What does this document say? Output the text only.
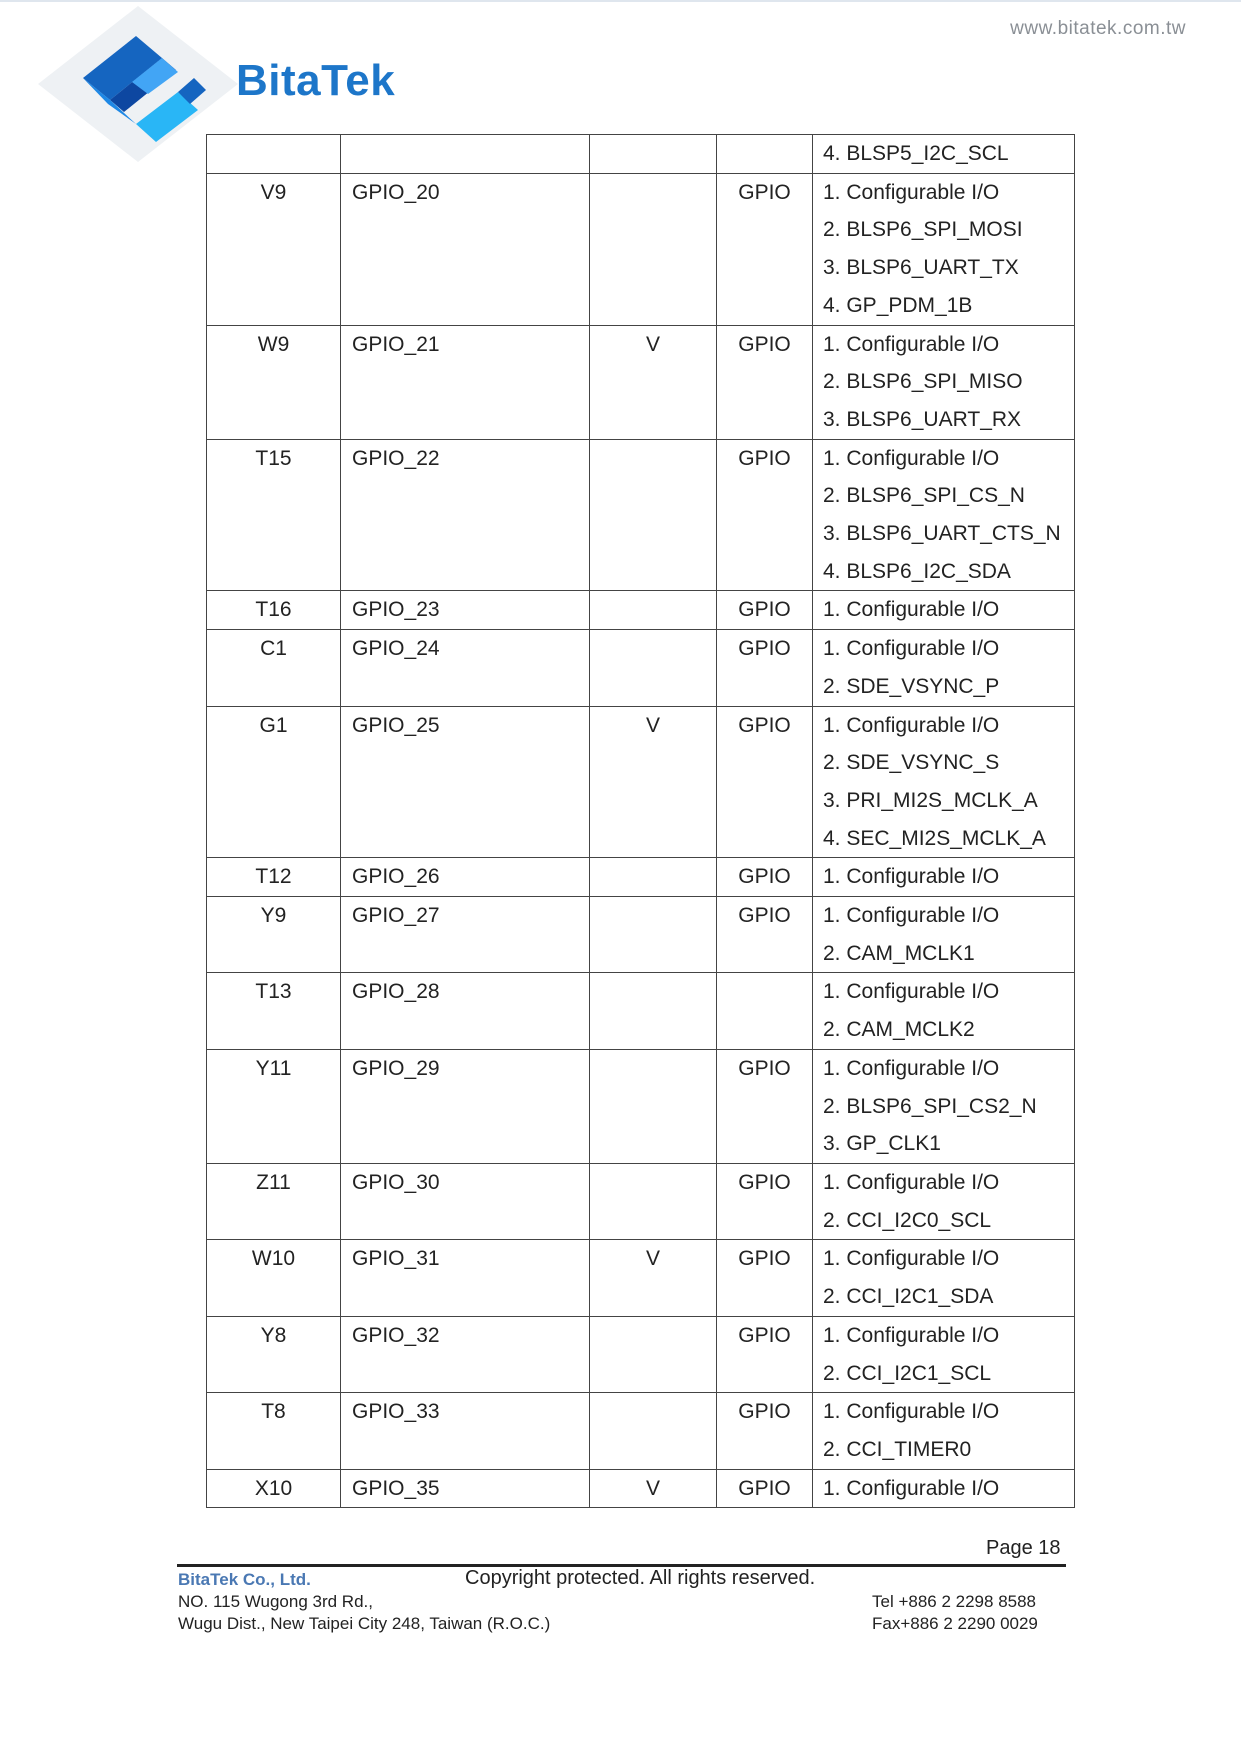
BitaTek
www.bitatek.com.tw

				4. BLSP5_I2C_SCL

V9	GPIO_20		GPIO	1. Configurable I/O
2. BLSP6_SPI_MOSI
3. BLSP6_UART_TX
4. GP_PDM_1B

W9	GPIO_21	V	GPIO	1. Configurable I/O
2. BLSP6_SPI_MISO
3. BLSP6_UART_RX

T15	GPIO_22		GPIO	1. Configurable I/O
2. BLSP6_SPI_CS_N
3. BLSP6_UART_CTS_N
4. BLSP6_I2C_SDA

T16	GPIO_23		GPIO	1. Configurable I/O

C1	GPIO_24		GPIO	1. Configurable I/O
2. SDE_VSYNC_P

G1	GPIO_25	V	GPIO	1. Configurable I/O
2. SDE_VSYNC_S
3. PRI_MI2S_MCLK_A
4. SEC_MI2S_MCLK_A

T12	GPIO_26		GPIO	1. Configurable I/O

Y9	GPIO_27		GPIO	1. Configurable I/O
2. CAM_MCLK1

T13	GPIO_28			1. Configurable I/O
2. CAM_MCLK2

Y11	GPIO_29		GPIO	1. Configurable I/O
2. BLSP6_SPI_CS2_N
3. GP_CLK1

Z11	GPIO_30		GPIO	1. Configurable I/O
2. CCI_I2C0_SCL

W10	GPIO_31	V	GPIO	1. Configurable I/O
2. CCI_I2C1_SDA

Y8	GPIO_32		GPIO	1. Configurable I/O
2. CCI_I2C1_SCL

T8	GPIO_33		GPIO	1. Configurable I/O
2. CCI_TIMER0

X10	GPIO_35	V	GPIO	1. Configurable I/O
Page 18
BitaTek Co., Ltd.	Copyright protected. All rights reserved.
NO. 115 Wugong 3rd Rd.,
Wugu Dist., New Taipei City 248, Taiwan (R.O.C.)
Tel +886 2 2298 8588
Fax+886 2 2290 0029
